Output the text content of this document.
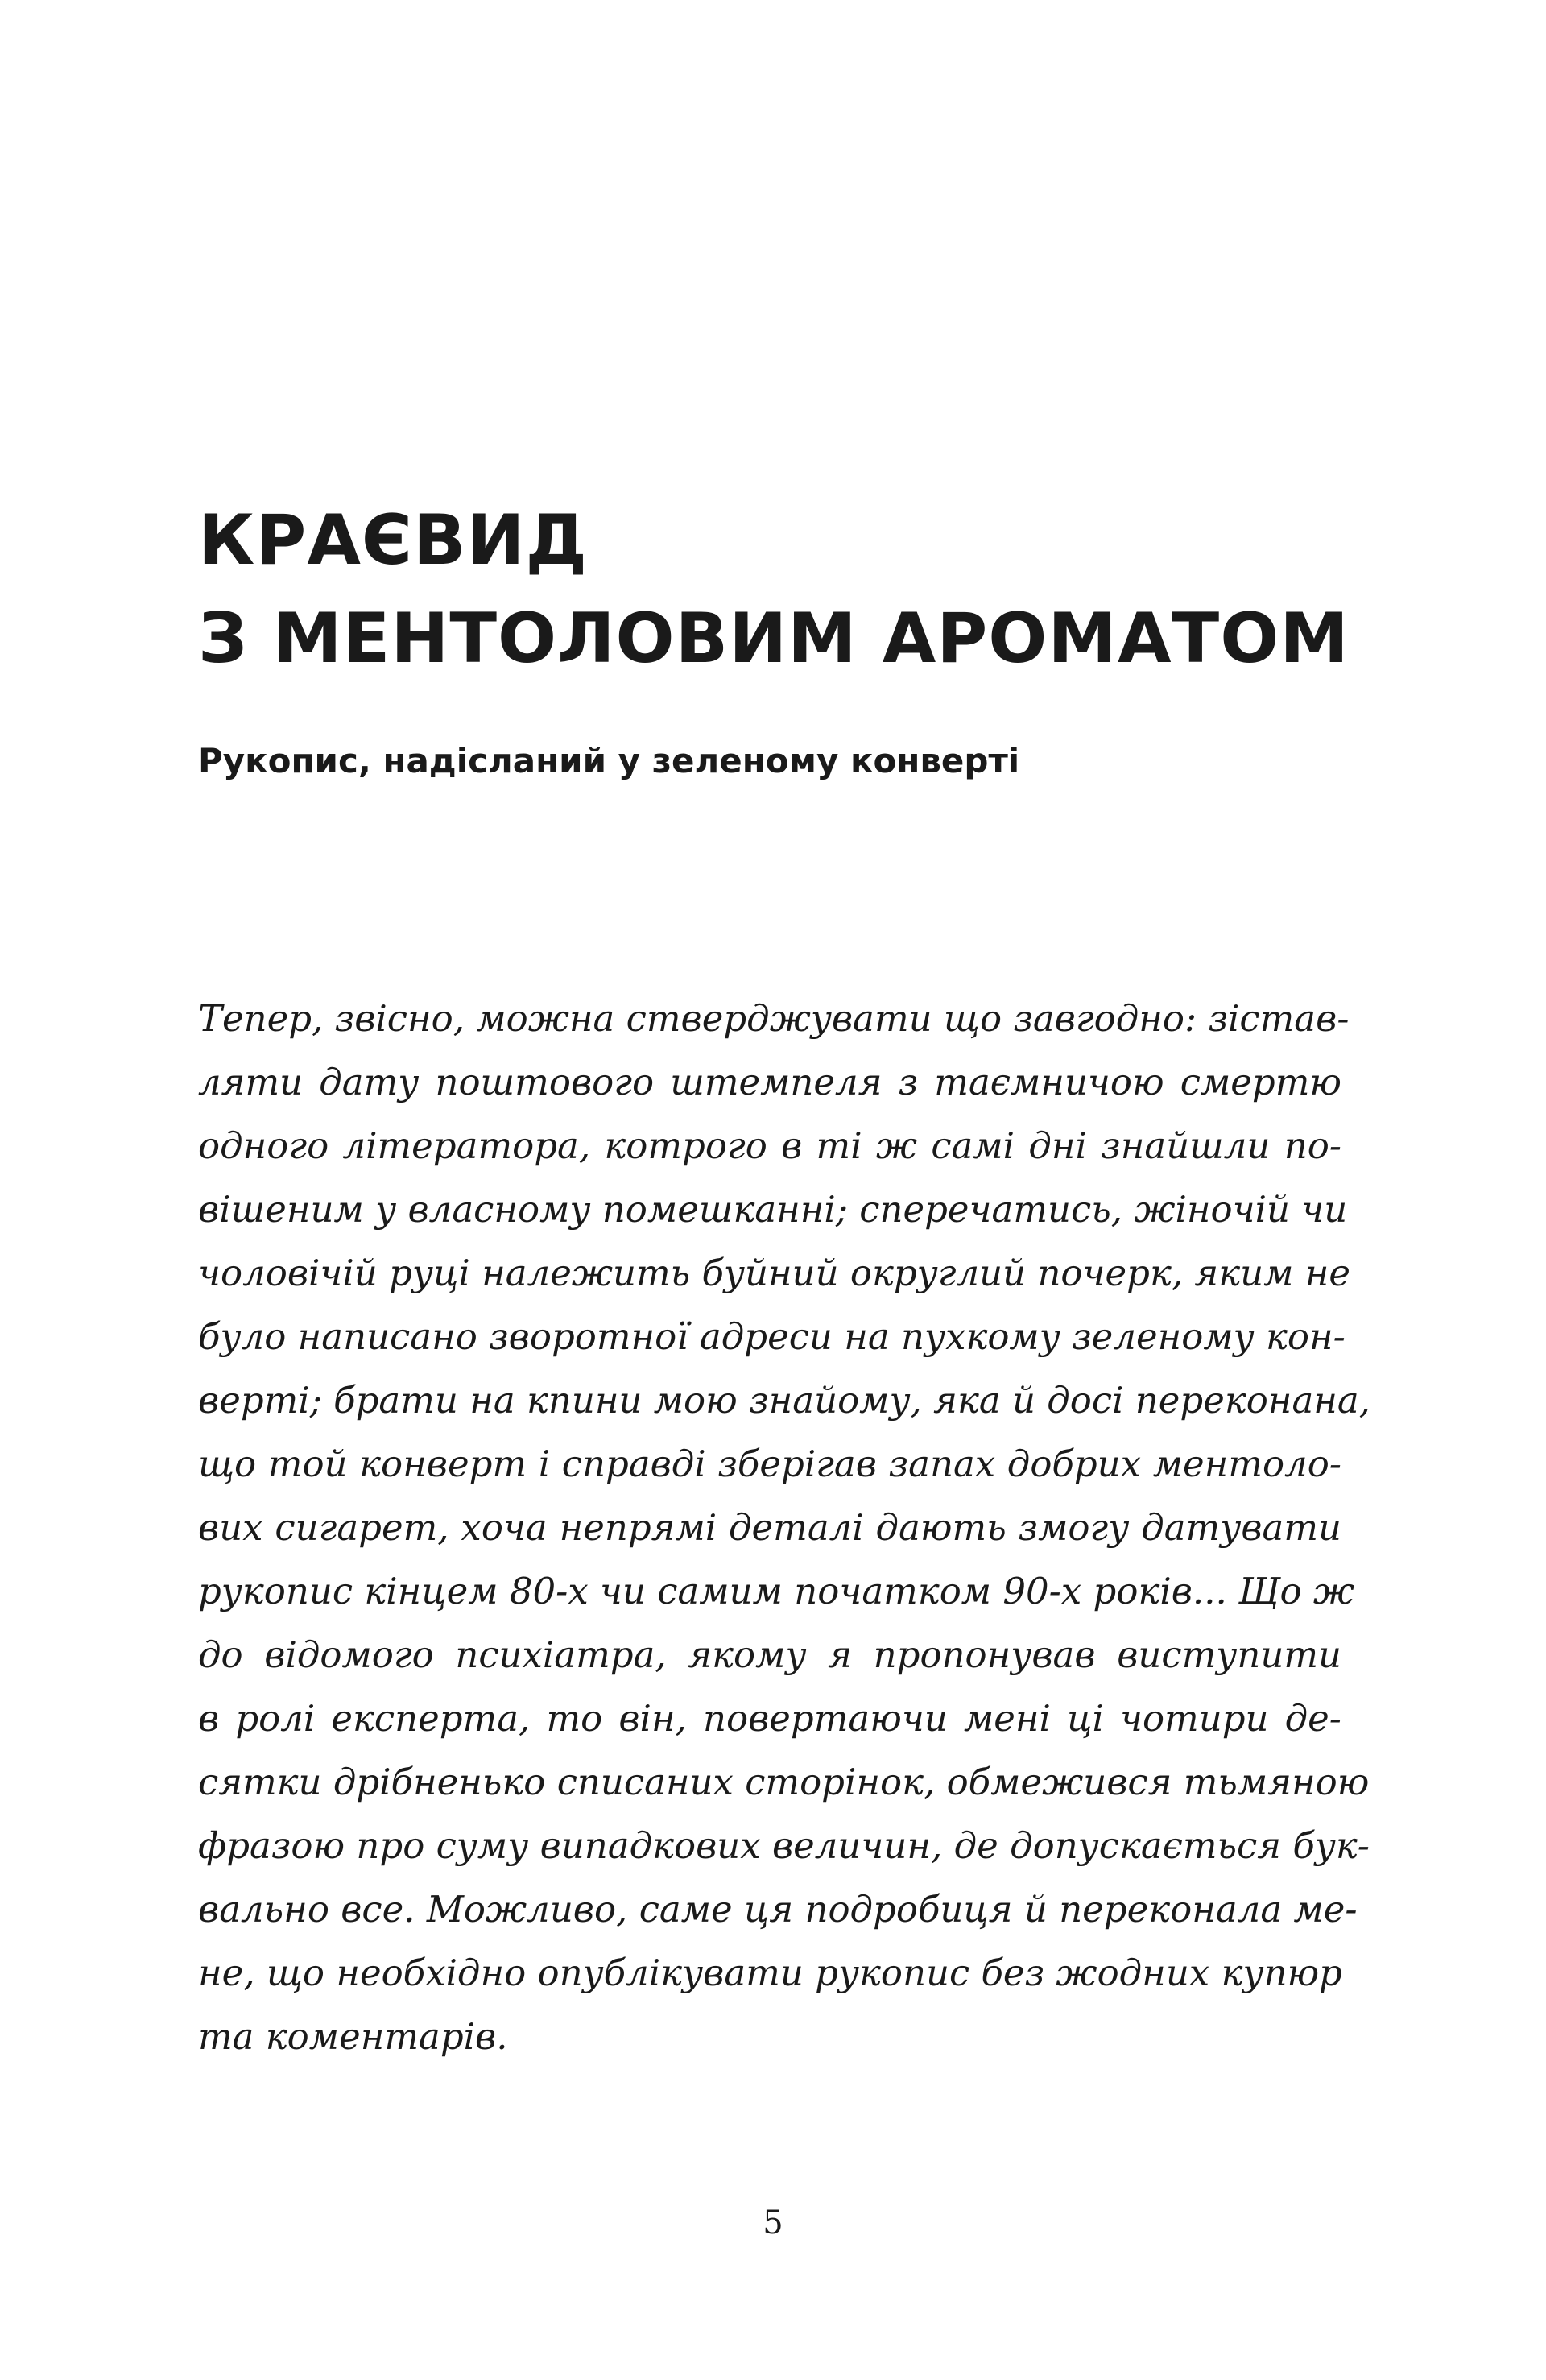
КРАЄВИД
З МЕНТОЛОВИМ АРОМАТОМ
Рукопис, надісланий у зеленому конверті
Тепер, звісно, можна стверджувати що завгодно: зістав-
ляти дату поштового штемпеля з таємничою смертю
одного літератора, котрого в ті ж самі дні знайшли по-
вішеним у власному помешканні; сперечатись, жіночій чи
чоловічій руці належить буйний округлий почерк, яким не
було написано зворотної адреси на пухкому зеленому кон-
верті; брати на кпини мою знайому, яка й досі переконана,
що той конверт і справді зберігав запах добрих ментоло-
вих сигарет, хоча непрямі деталі дають змогу датувати
рукопис кінцем 80-х чи самим початком 90-х років... Що ж
до відомого психіатра, якому я пропонував виступити
в ролі експерта, то він, повертаючи мені ці чотири де-
сятки дрібненько списаних сторінок, обмежився тьмяною
фразою про суму випадкових величин, де допускається бук-
вально все. Можливо, саме ця подробиця й переконала ме-
не, що необхідно опублікувати рукопис без жодних купюр
та коментарів.
5
